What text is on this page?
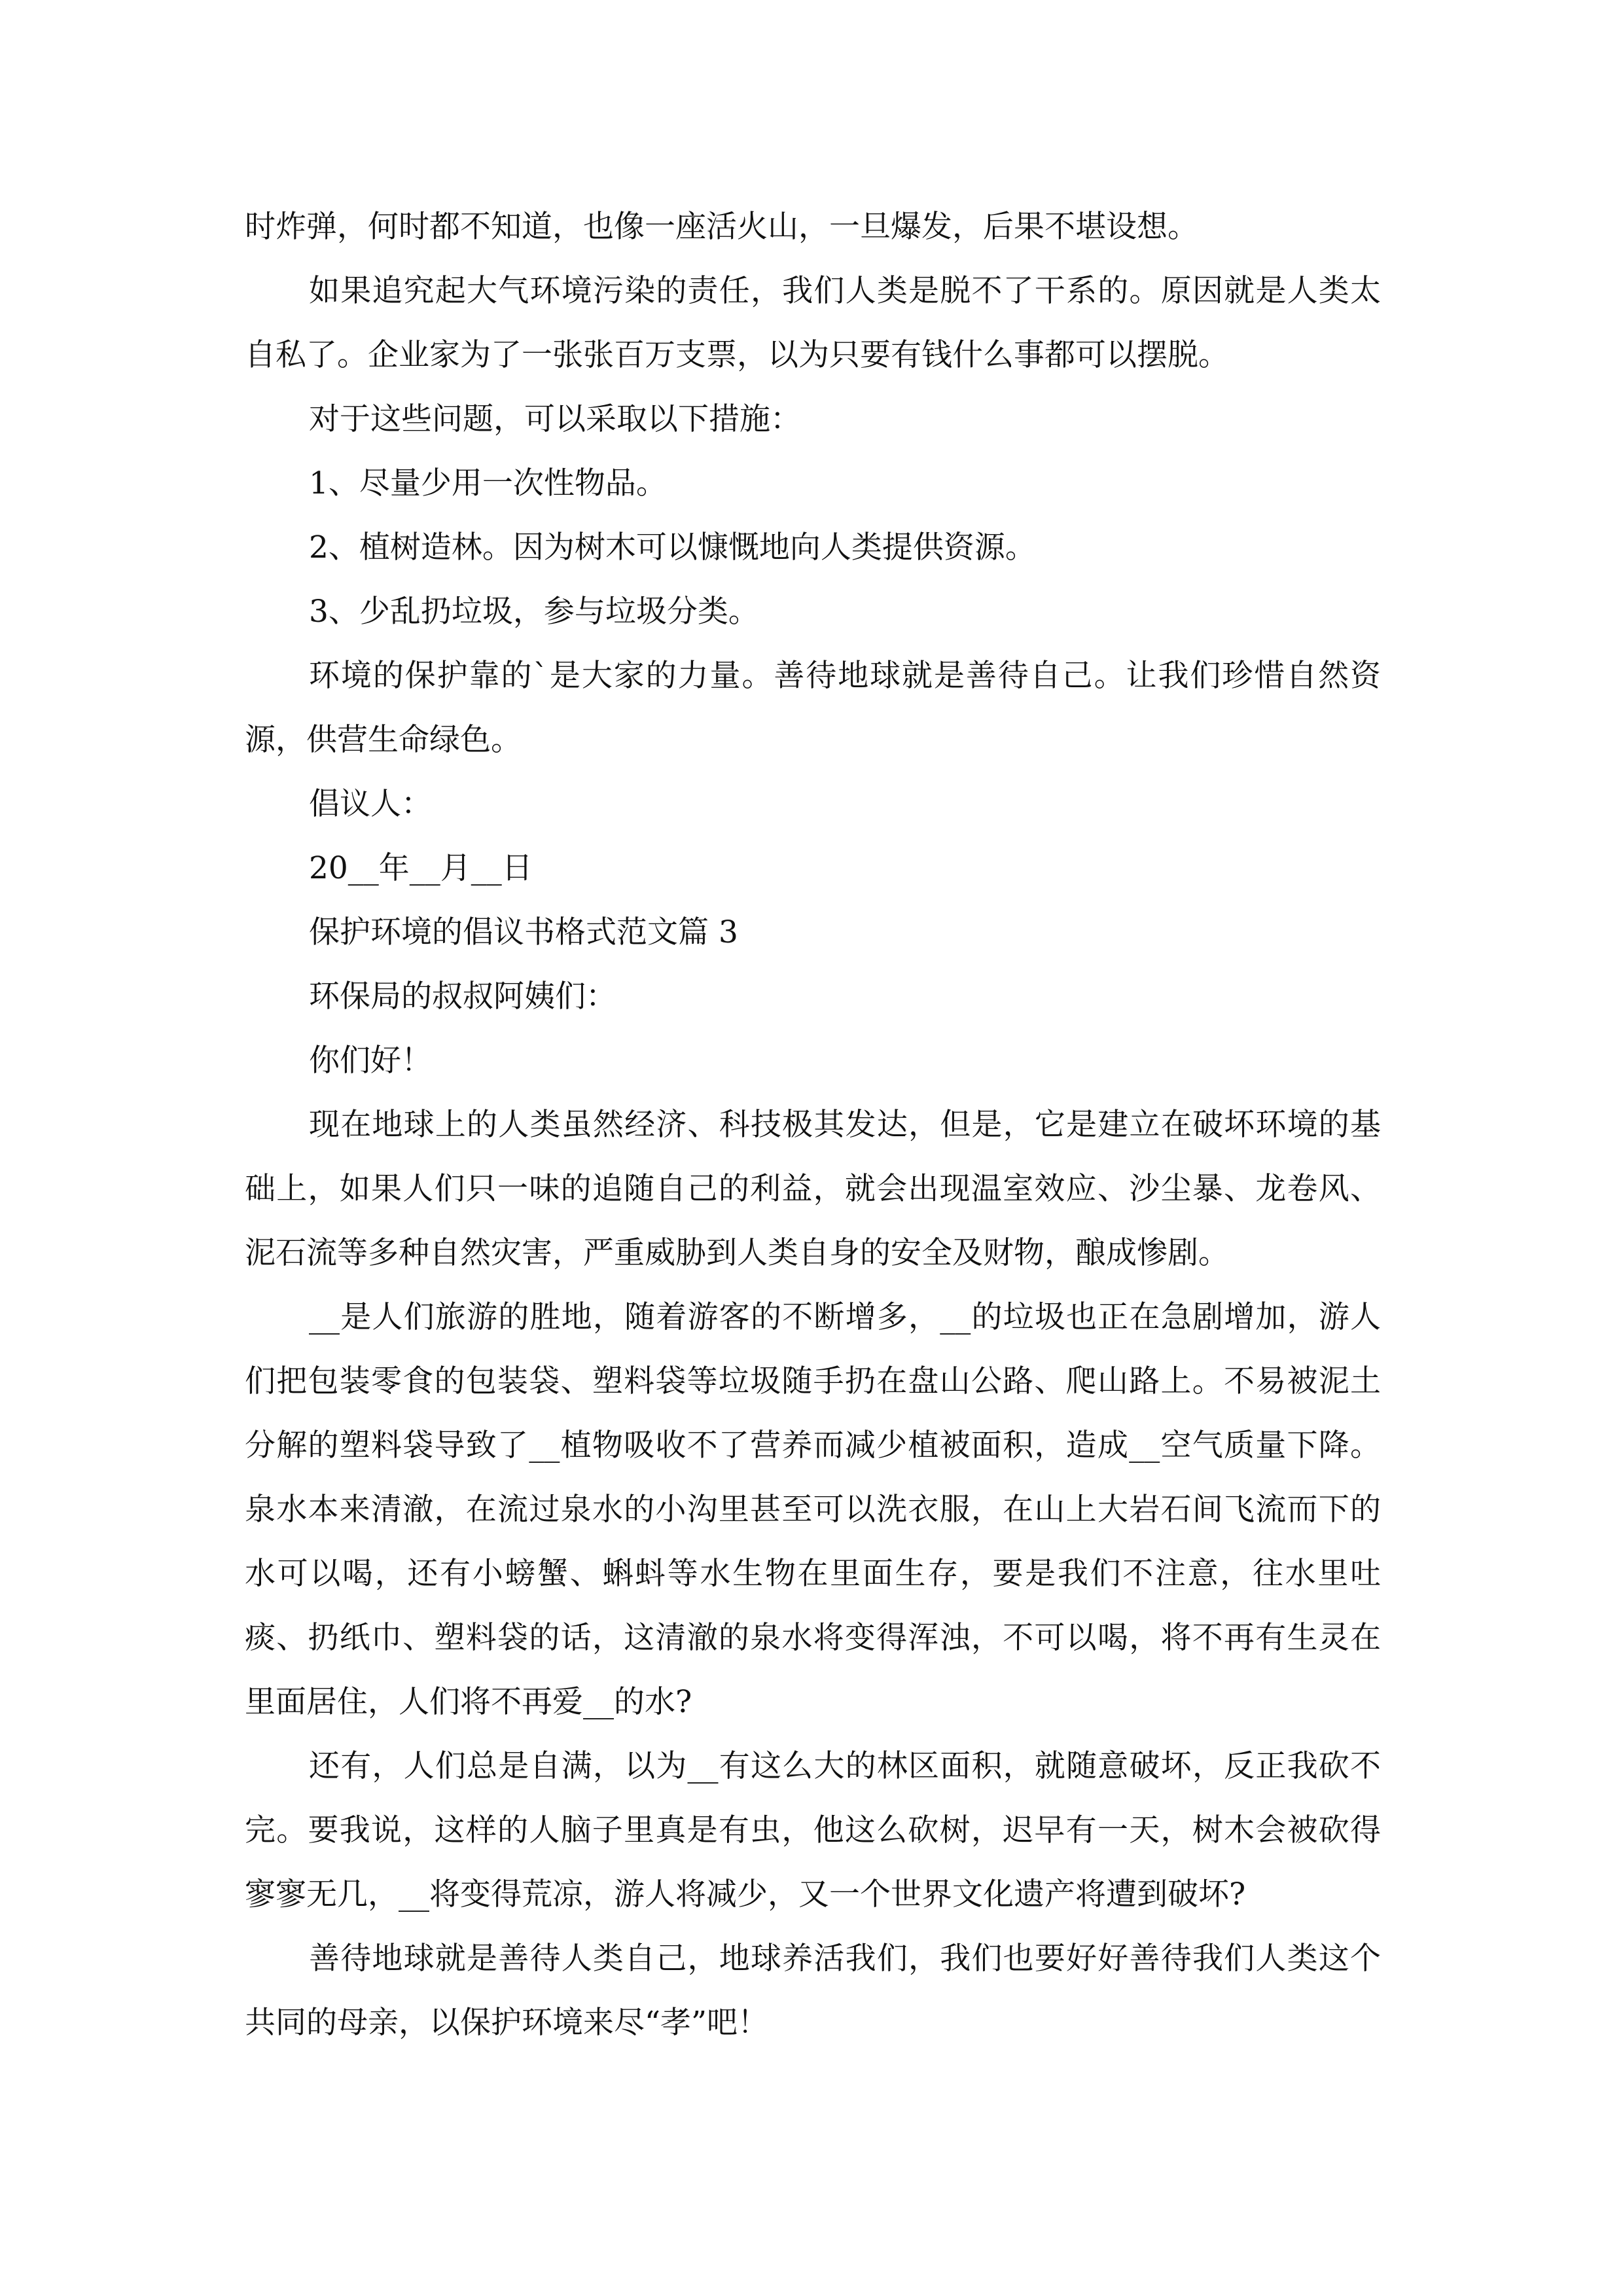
时炸弹，何时都不知道，也像一座活火山，一旦爆发，后果不堪设想。

如果追究起大气环境污染的责任，我们人类是脱不了干系的。原因就是人类太自私了。企业家为了一张张百万支票，以为只要有钱什么事都可以摆脱。

对于这些问题，可以采取以下措施：

1、尽量少用一次性物品。

2、植树造林。因为树木可以慷慨地向人类提供资源。

3、少乱扔垃圾，参与垃圾分类。

环境的保护靠的`是大家的力量。善待地球就是善待自己。让我们珍惜自然资源，供营生命绿色。

倡议人：

20__年__月__日

保护环境的倡议书格式范文篇 3

环保局的叔叔阿姨们：

你们好！

现在地球上的人类虽然经济、科技极其发达，但是，它是建立在破坏环境的基础上，如果人们只一味的追随自己的利益，就会出现温室效应、沙尘暴、龙卷风、泥石流等多种自然灾害，严重威胁到人类自身的安全及财物，酿成惨剧。

__是人们旅游的胜地，随着游客的不断增多，__的垃圾也正在急剧增加，游人们把包装零食的包装袋、塑料袋等垃圾随手扔在盘山公路、爬山路上。不易被泥土分解的塑料袋导致了__植物吸收不了营养而减少植被面积，造成__空气质量下降。泉水本来清澈，在流过泉水的小沟里甚至可以洗衣服，在山上大岩石间飞流而下的水可以喝，还有小螃蟹、蝌蚪等水生物在里面生存，要是我们不注意，往水里吐痰、扔纸巾、塑料袋的话，这清澈的泉水将变得浑浊，不可以喝，将不再有生灵在里面居住，人们将不再爱__的水?

还有，人们总是自满，以为__有这么大的林区面积，就随意破坏，反正我砍不完。要我说，这样的人脑子里真是有虫，他这么砍树，迟早有一天，树木会被砍得寥寥无几，__将变得荒凉，游人将减少，又一个世界文化遗产将遭到破坏?

善待地球就是善待人类自己，地球养活我们，我们也要好好善待我们人类这个共同的母亲，以保护环境来尽“孝”吧！
